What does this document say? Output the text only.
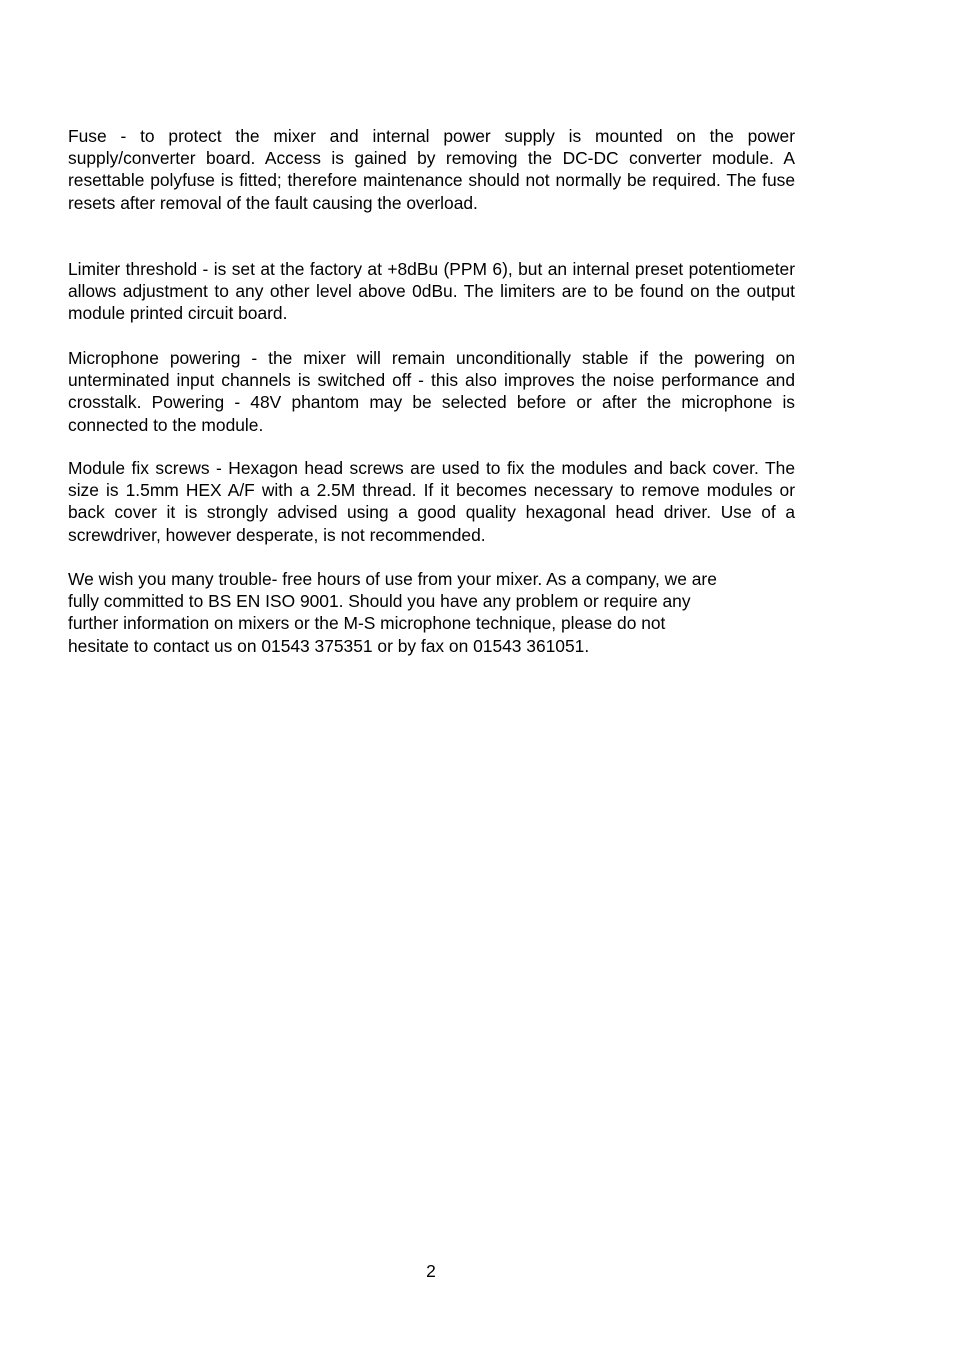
Fuse - to protect the mixer and internal power supply is mounted on the power supply/converter board. Access is gained by removing the DC-DC converter module. A resettable polyfuse is fitted; therefore maintenance should not normally be required. The fuse resets after removal of the fault causing the overload.

Limiter threshold - is set at the factory at +8dBu (PPM 6), but an internal preset potentiometer allows adjustment to any other level above 0dBu. The limiters are to be found on the output module printed circuit board.

Microphone powering - the mixer will remain unconditionally stable if the powering on unterminated input channels is switched off - this also improves the noise performance and crosstalk. Powering - 48V phantom may be selected before or after the microphone is connected to the module.

Module fix screws - Hexagon head screws are used to fix the modules and back cover. The size is 1.5mm HEX A/F with a 2.5M thread. If it becomes necessary to remove modules or back cover it is strongly advised using a good quality hexagonal head driver. Use of a screwdriver, however desperate, is not recommended.

We wish you many trouble- free hours of use from your mixer. As a company, we are
fully committed to BS EN ISO 9001. Should you have any problem or require any
further information on mixers or the M-S microphone technique, please do not
hesitate to contact us on 01543 375351 or by fax on 01543 361051.
2
